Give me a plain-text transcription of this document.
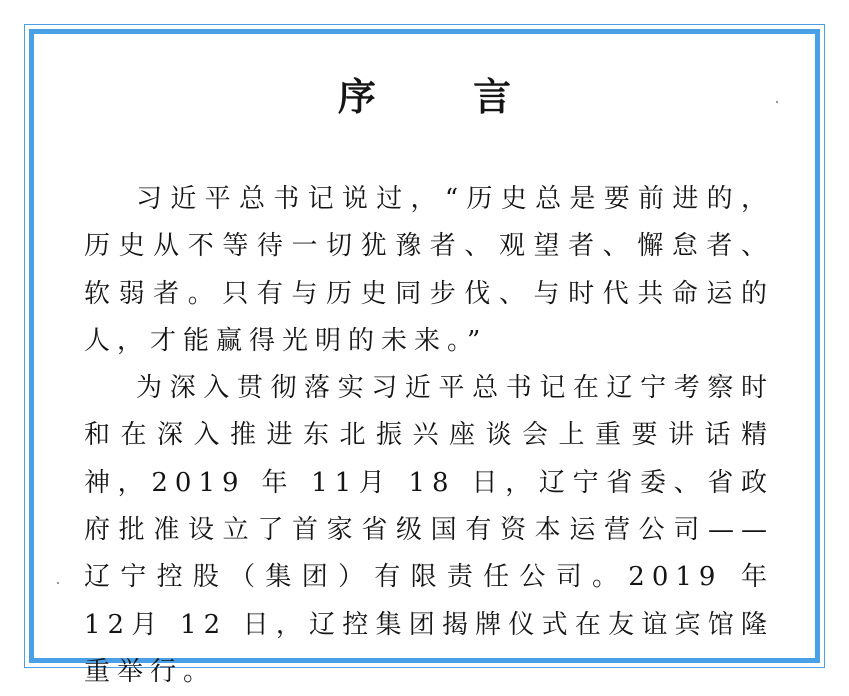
序 言

习近平总书记说过，“历史总是要前进的，历史从不等待一切犹豫者、观望者、懈怠者、软弱者。只有与历史同步伐、与时代共命运的人，才能赢得光明的未来。”

为深入贯彻落实习近平总书记在辽宁考察时和在深入推进东北振兴座谈会上重要讲话精神，2019 年 11月 18 日，辽宁省委、省政府批准设立了首家省级国有资本运营公司——辽宁控股（集团）有限责任公司。2019 年 12月 12 日，辽控集团揭牌仪式在友谊宾馆隆重举行。
